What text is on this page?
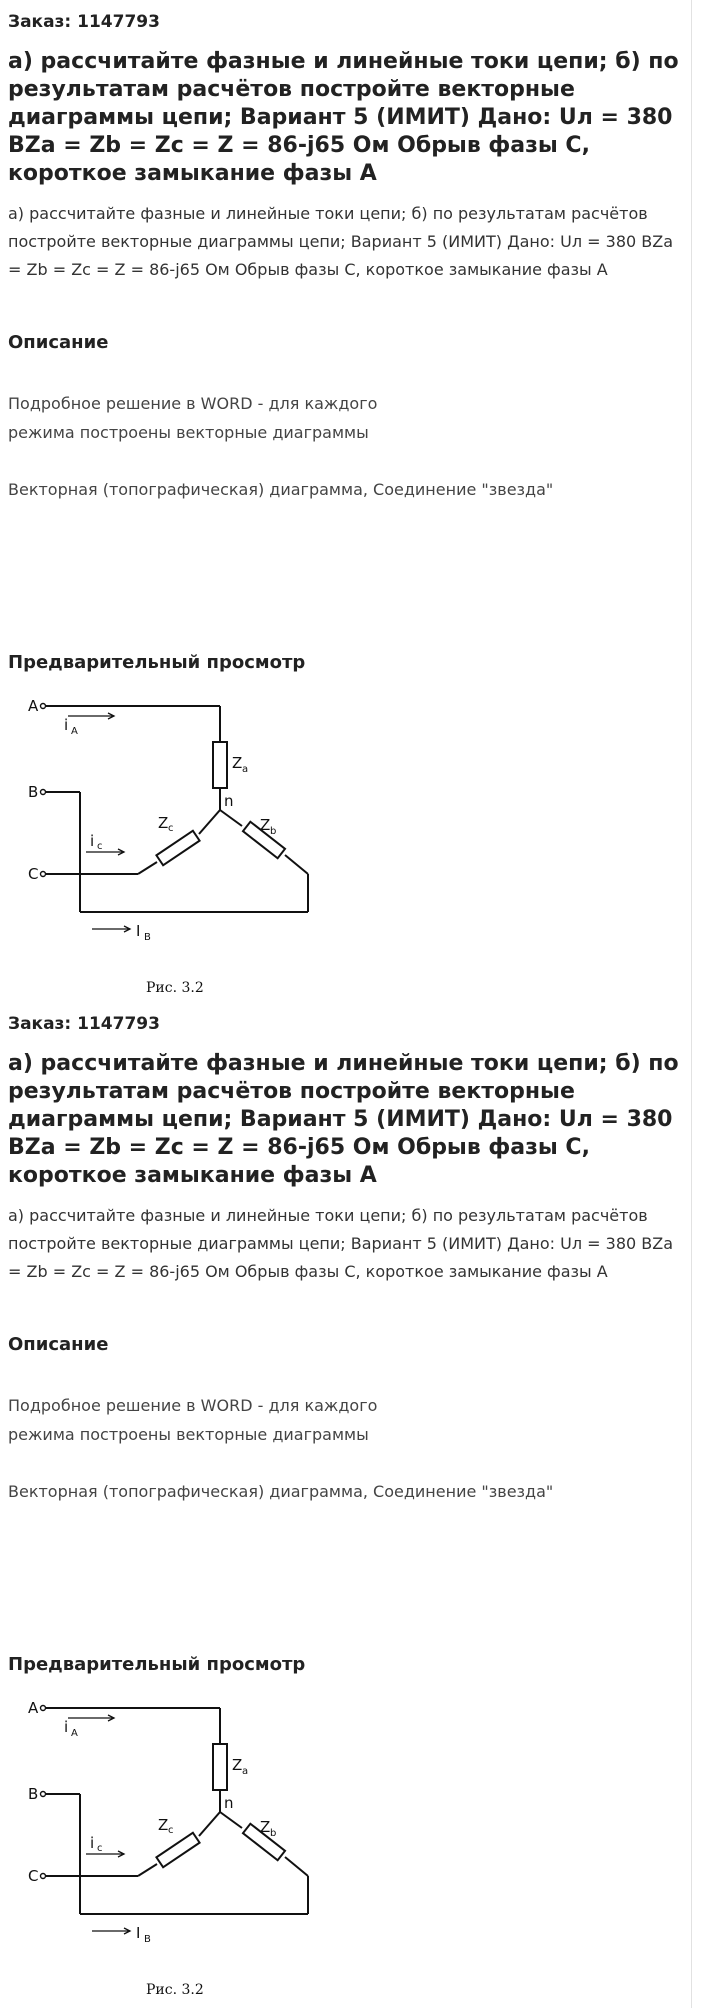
Заказ: 1147793
а) рассчитайте фазные и линейные токи цепи; б) по результатам расчётов постройте векторные диаграммы цепи; Вариант 5 (ИМИТ) Дано: Uл = 380 BZa = Zb = Zc = Z = 86-j65 Ом Обрыв фазы С, короткое замыкание фазы А

а) рассчитайте фазные и линейные токи цепи; б) по результатам расчётов постройте векторные диаграммы цепи; Вариант 5 (ИМИТ) Дано: Uл = 380 BZa = Zb = Zc = Z = 86-j65 Ом Обрыв фазы С, короткое замыкание фазы А

Описание
Подробное решение в WORD - для каждого
режима построены векторные диаграммы
Векторная (топографическая) диаграмма, Соединение "звезда"
Предварительный просмотр
A
B
C
n
i A
i c
I B
Z a
Z c	Z b
Рис. 3.2
Заказ: 1147793
а) рассчитайте фазные и линейные токи цепи; б) по результатам расчётов постройте векторные диаграммы цепи; Вариант 5 (ИМИТ) Дано: Uл = 380 BZa = Zb = Zc = Z = 86-j65 Ом Обрыв фазы С, короткое замыкание фазы А

а) рассчитайте фазные и линейные токи цепи; б) по результатам расчётов постройте векторные диаграммы цепи; Вариант 5 (ИМИТ) Дано: Uл = 380 BZa = Zb = Zc = Z = 86-j65 Ом Обрыв фазы С, короткое замыкание фазы А

Описание
Подробное решение в WORD - для каждого
режима построены векторные диаграммы
Векторная (топографическая) диаграмма, Соединение "звезда"
Предварительный просмотр
A
B
C
n
i A
i c
I B
Z a
Z c	Z b
Рис. 3.2
